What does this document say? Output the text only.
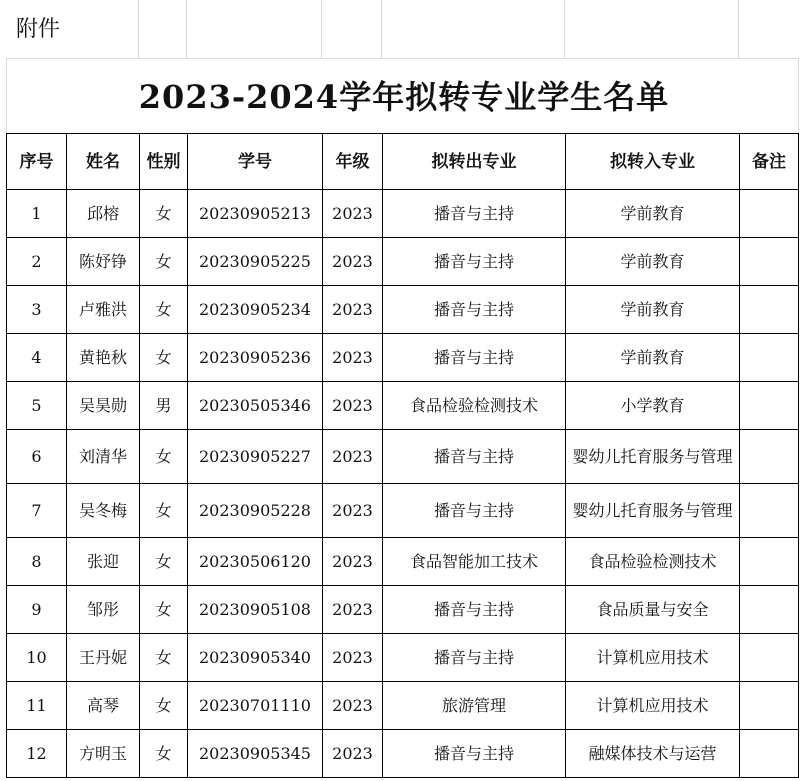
附件
2023-2024学年拟转专业学生名单
序号	姓名	性别	学号	年级	拟转出专业	拟转入专业	备注
1	邱榕	女	20230905213	2023	播音与主持	学前教育	
2	陈妤铮	女	20230905225	2023	播音与主持	学前教育	
3	卢雅洪	女	20230905234	2023	播音与主持	学前教育	
4	黄艳秋	女	20230905236	2023	播音与主持	学前教育	
5	吴昊勋	男	20230505346	2023	食品检验检测技术	小学教育	
6	刘清华	女	20230905227	2023	播音与主持	婴幼儿托育服务与管理	
7	吴冬梅	女	20230905228	2023	播音与主持	婴幼儿托育服务与管理	
8	张迎	女	20230506120	2023	食品智能加工技术	食品检验检测技术	
9	邹彤	女	20230905108	2023	播音与主持	食品质量与安全	
10	王丹妮	女	20230905340	2023	播音与主持	计算机应用技术	
11	高琴	女	20230701110	2023	旅游管理	计算机应用技术	
12	方明玉	女	20230905345	2023	播音与主持	融媒体技术与运营	
